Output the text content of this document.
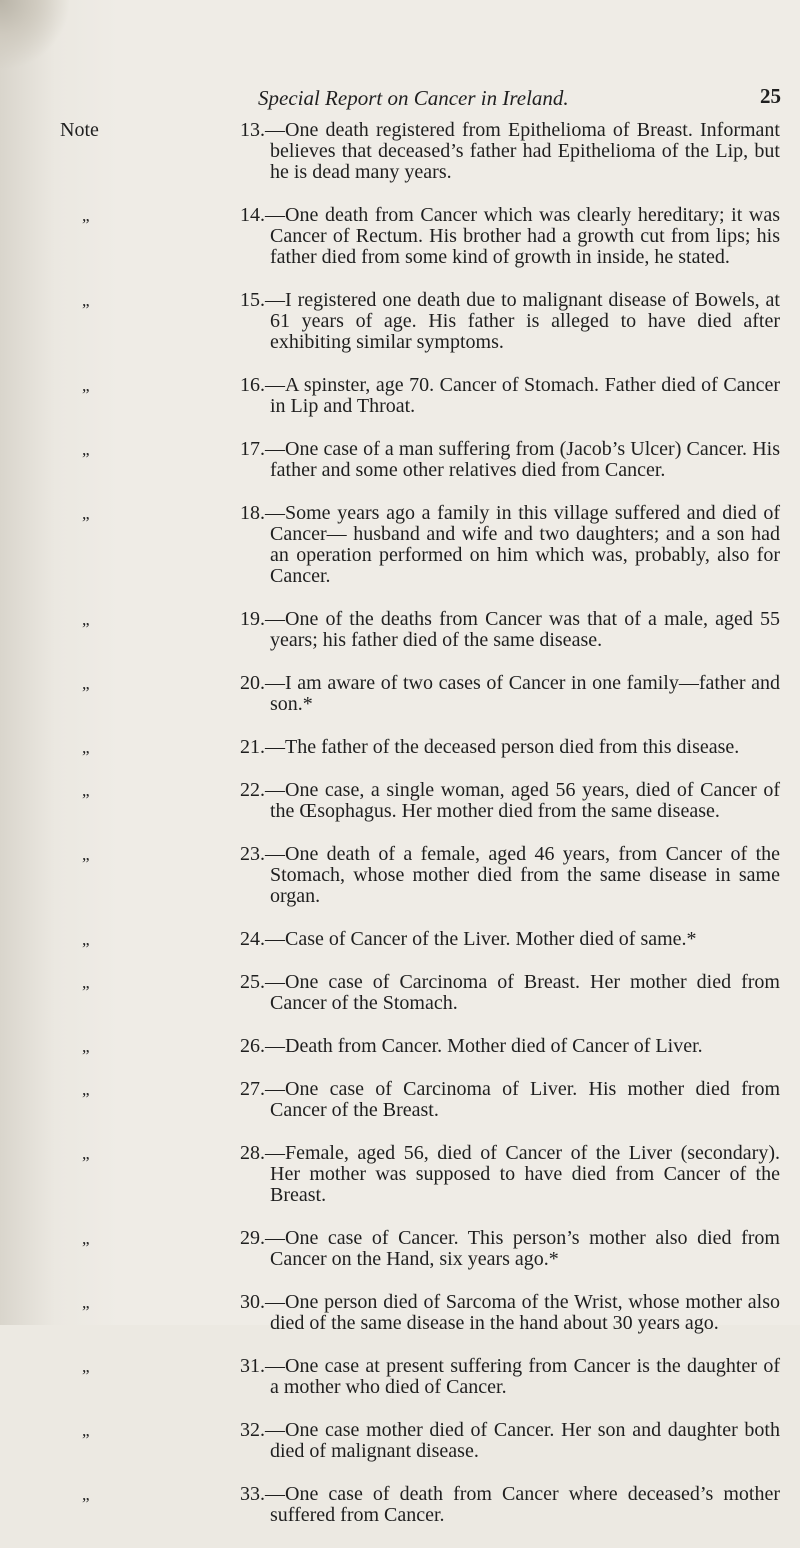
Special Report on Cancer in Ireland.	25
Note	13.—One death registered from Epithelioma of Breast. Informant believes that deceased’s father had Epithelioma of the Lip, but he is dead many years.
„	14.—One death from Cancer which was clearly hereditary; it was Cancer of Rectum. His brother had a growth cut from lips; his father died from some kind of growth in inside, he stated.
„	15.—I registered one death due to malignant disease of Bowels, at 61 years of age. His father is alleged to have died after exhibiting similar symptoms.
„	16.—A spinster, age 70. Cancer of Stomach. Father died of Cancer in Lip and Throat.
„	17.—One case of a man suffering from (Jacob’s Ulcer) Cancer. His father and some other relatives died from Cancer.
„	18.—Some years ago a family in this village suffered and died of Cancer— husband and wife and two daughters; and a son had an operation performed on him which was, probably, also for Cancer.
„	19.—One of the deaths from Cancer was that of a male, aged 55 years; his father died of the same disease.
„	20.—I am aware of two cases of Cancer in one family—father and son.*
„	21.—The father of the deceased person died from this disease.
„	22.—One case, a single woman, aged 56 years, died of Cancer of the Œsophagus. Her mother died from the same disease.
„	23.—One death of a female, aged 46 years, from Cancer of the Stomach, whose mother died from the same disease in same organ.
„	24.—Case of Cancer of the Liver. Mother died of same.*
„	25.—One case of Carcinoma of Breast. Her mother died from Cancer of the Stomach.
„	26.—Death from Cancer. Mother died of Cancer of Liver.
„	27.—One case of Carcinoma of Liver. His mother died from Cancer of the Breast.
„	28.—Female, aged 56, died of Cancer of the Liver (secondary). Her mother was supposed to have died from Cancer of the Breast.
„	29.—One case of Cancer. This person’s mother also died from Cancer on the Hand, six years ago.*
„	30.—One person died of Sarcoma of the Wrist, whose mother also died of the same disease in the hand about 30 years ago.
„	31.—One case at present suffering from Cancer is the daughter of a mother who died of Cancer.
„	32.—One case mother died of Cancer. Her son and daughter both died of malignant disease.
„	33.—One case of death from Cancer where deceased’s mother suffered from Cancer.
